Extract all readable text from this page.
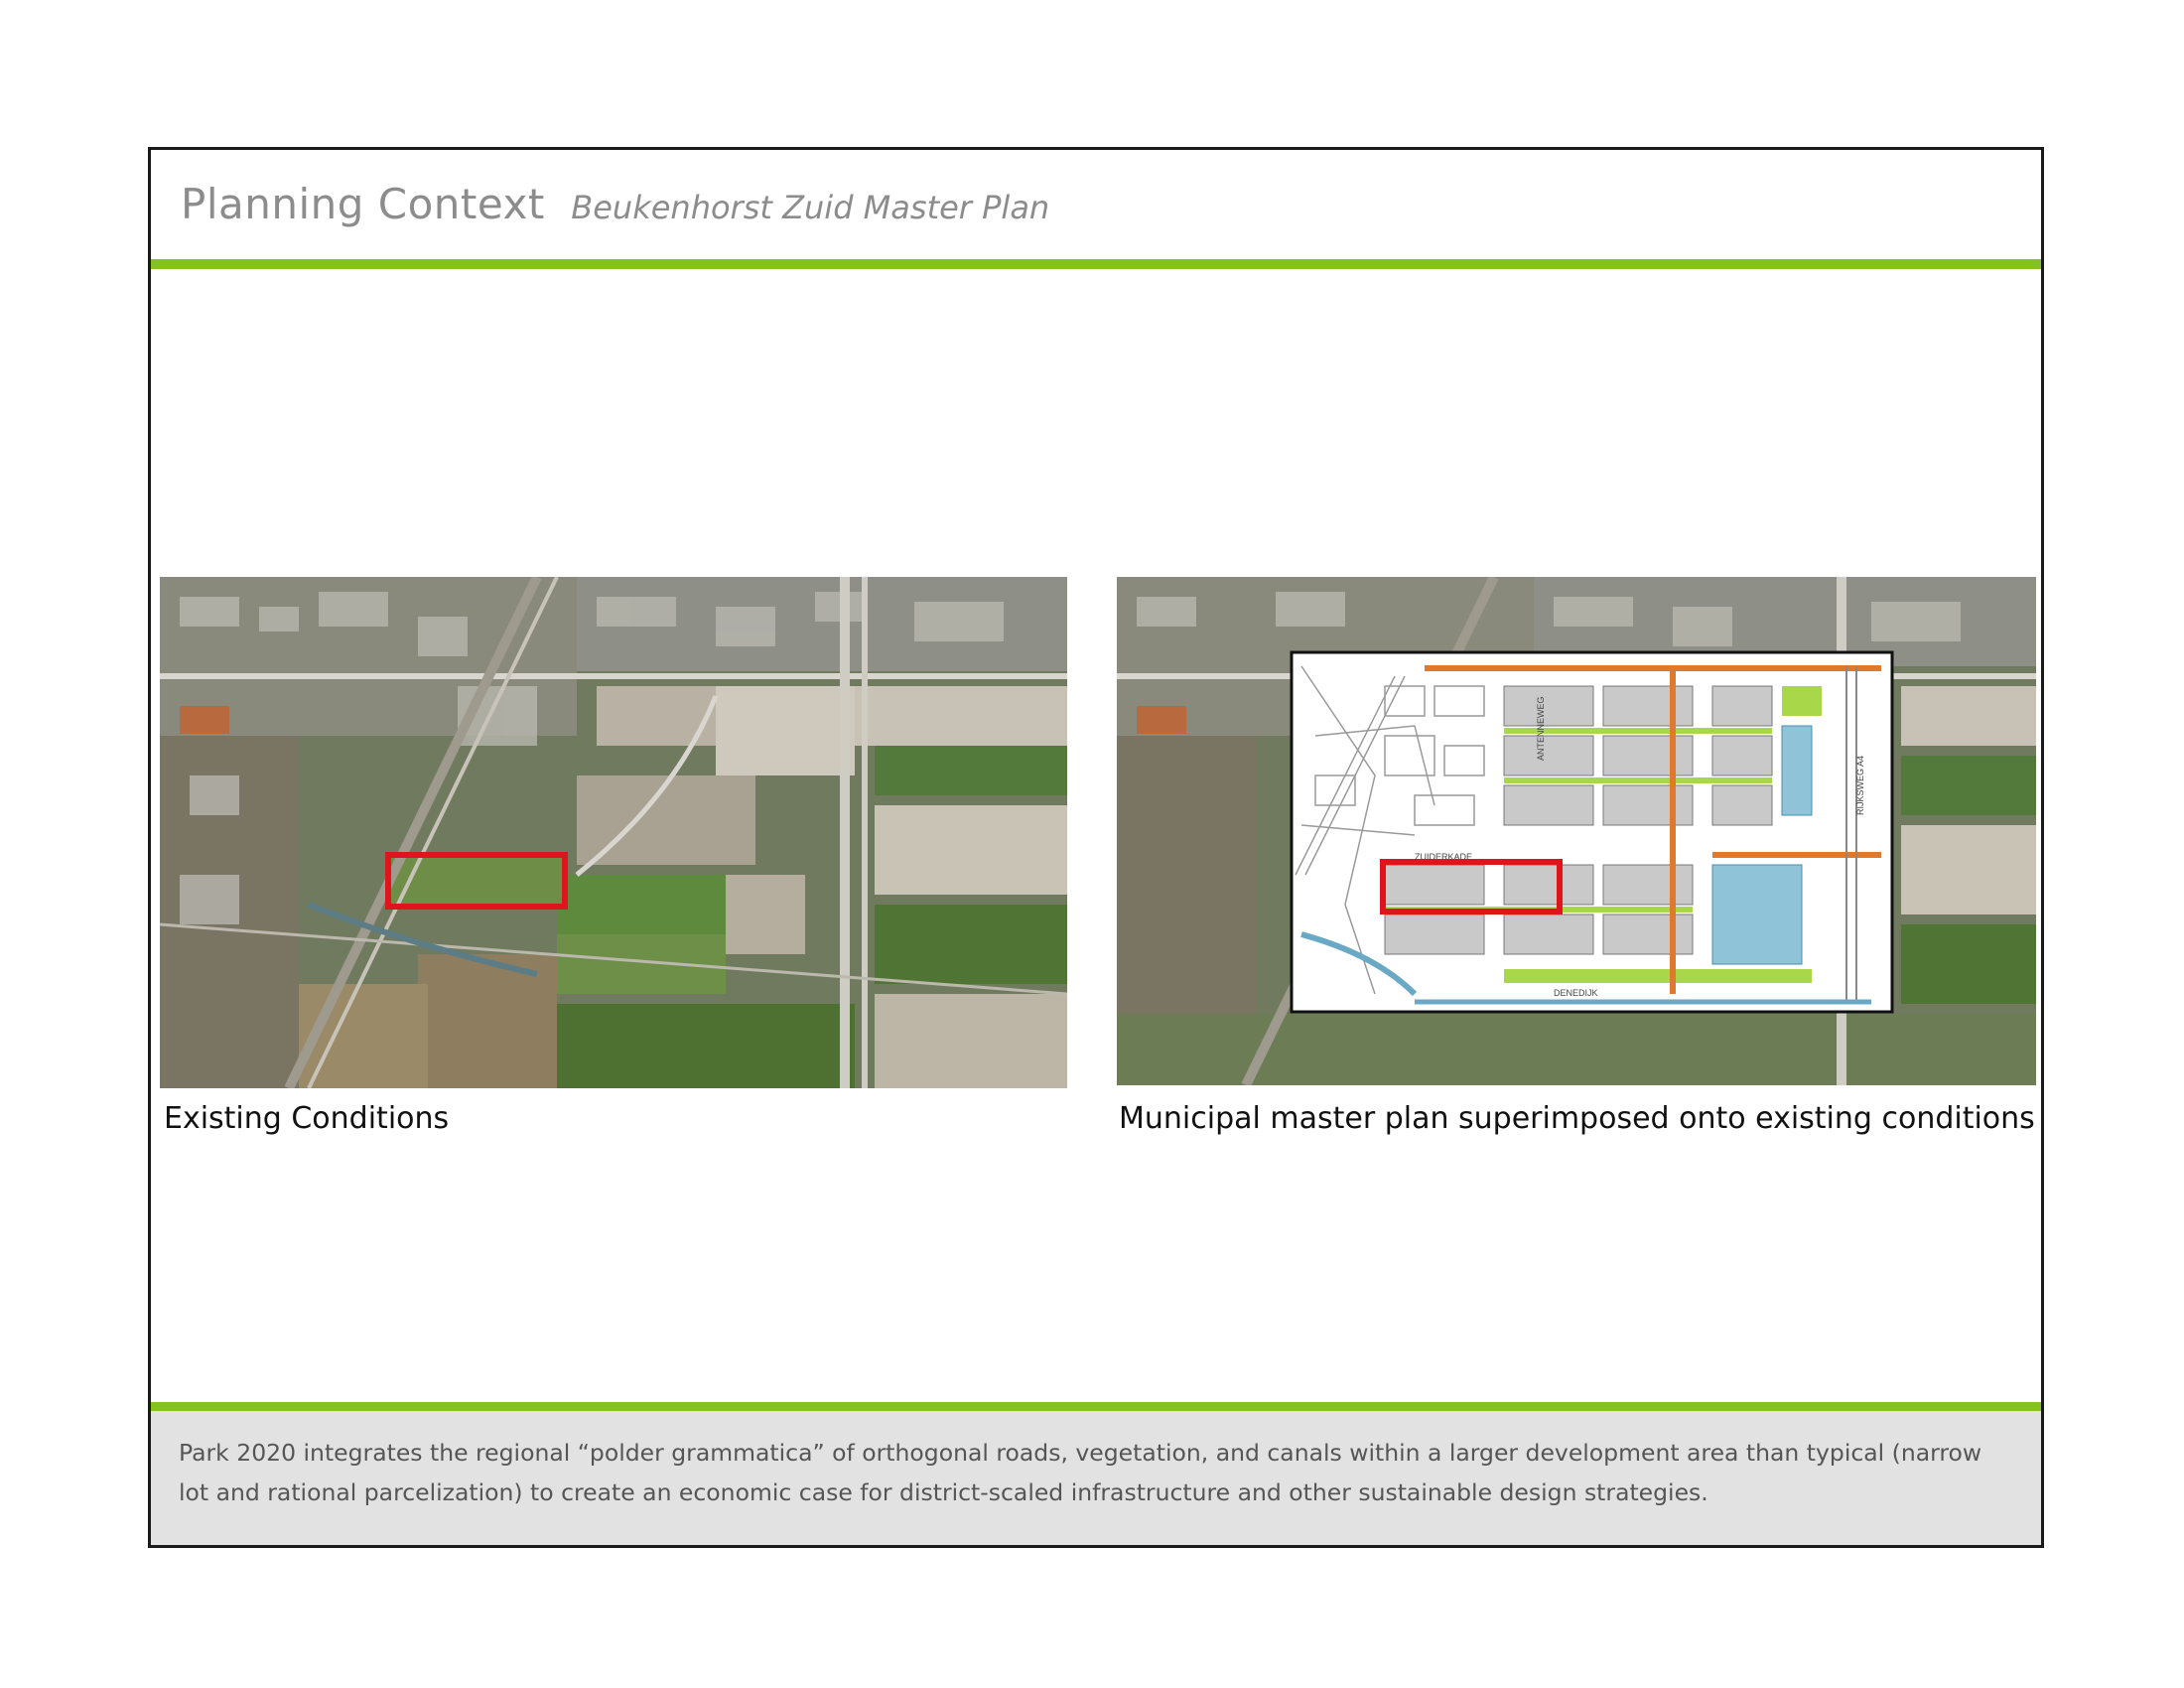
Planning Context Beukenhorst Zuid Master Plan
Existing Conditions
ANTENNEWEG
RIJKSWEG A4
ZUIDERKADE
DENEDIJK
Municipal master plan superimposed onto existing conditions
Park 2020 integrates the regional “polder grammatica” of orthogonal roads, vegetation, and canals within a larger development area than typical (narrow lot and rational parcelization) to create an economic case for district-scaled infrastructure and other sustainable design strategies.
